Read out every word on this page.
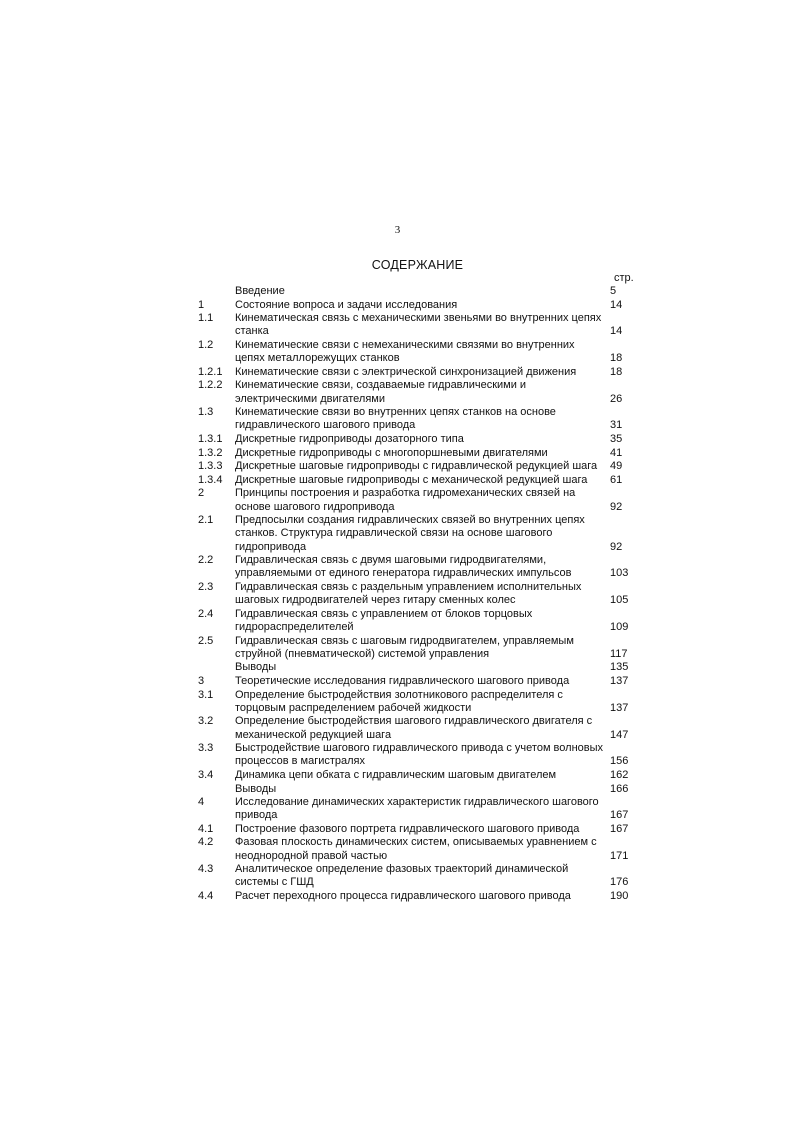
3
СОДЕРЖАНИЕ
стр.
Введение	5
1	Состояние вопроса и задачи исследования	14
1.1	Кинематическая связь с механическими звеньями во внутренних цепях станка	14
1.2	Кинематические связи с немеханическими связями во внутренних цепях металлорежущих станков	18
1.2.1	Кинематические связи с электрической синхронизацией движения	18
1.2.2	Кинематические связи, создаваемые гидравлическими и электрическими двигателями	26
1.3	Кинематические связи во внутренних цепях станков на основе гидравлического шагового привода	31
1.3.1	Дискретные гидроприводы дозаторного типа	35
1.3.2	Дискретные гидроприводы с многопоршневыми двигателями	41
1.3.3	Дискретные шаговые гидроприводы с гидравлической редукцией шага	49
1.3.4	Дискретные шаговые гидроприводы с механической редукцией шага	61
2	Принципы построения и разработка гидромеханических связей на основе шагового гидропривода	92
2.1	Предпосылки создания гидравлических связей во внутренних цепях станков. Структура гидравлической связи на основе шагового гидропривода	92
2.2	Гидравлическая связь с двумя шаговыми гидродвигателями, управляемыми от единого генератора гидравлических импульсов	103
2.3	Гидравлическая связь с раздельным управлением исполнительных шаговых гидродвигателей через гитару сменных колес	105
2.4	Гидравлическая связь с управлением от блоков торцовых гидрораспределителей	109
2.5	Гидравлическая связь с шаговым гидродвигателем, управляемым струйной (пневматической) системой управления	117
Выводы	135
3	Теоретические исследования гидравлического шагового привода	137
3.1	Определение быстродействия золотникового распределителя с торцовым распределением рабочей жидкости	137
3.2	Определение быстродействия шагового гидравлического двигателя с механической редукцией шага	147
3.3	Быстродействие шагового гидравлического привода с учетом волновых процессов в магистралях	156
3.4	Динамика цепи обката с гидравлическим шаговым двигателем	162
Выводы	166
4	Исследование динамических характеристик гидравлического шагового привода	167
4.1	Построение фазового портрета гидравлического шагового привода	167
4.2	Фазовая плоскость динамических систем, описываемых уравнением с неоднородной правой частью	171
4.3	Аналитическое определение фазовых траекторий динамической системы с ГШД	176
4.4	Расчет переходного процесса гидравлического шагового привода	190
